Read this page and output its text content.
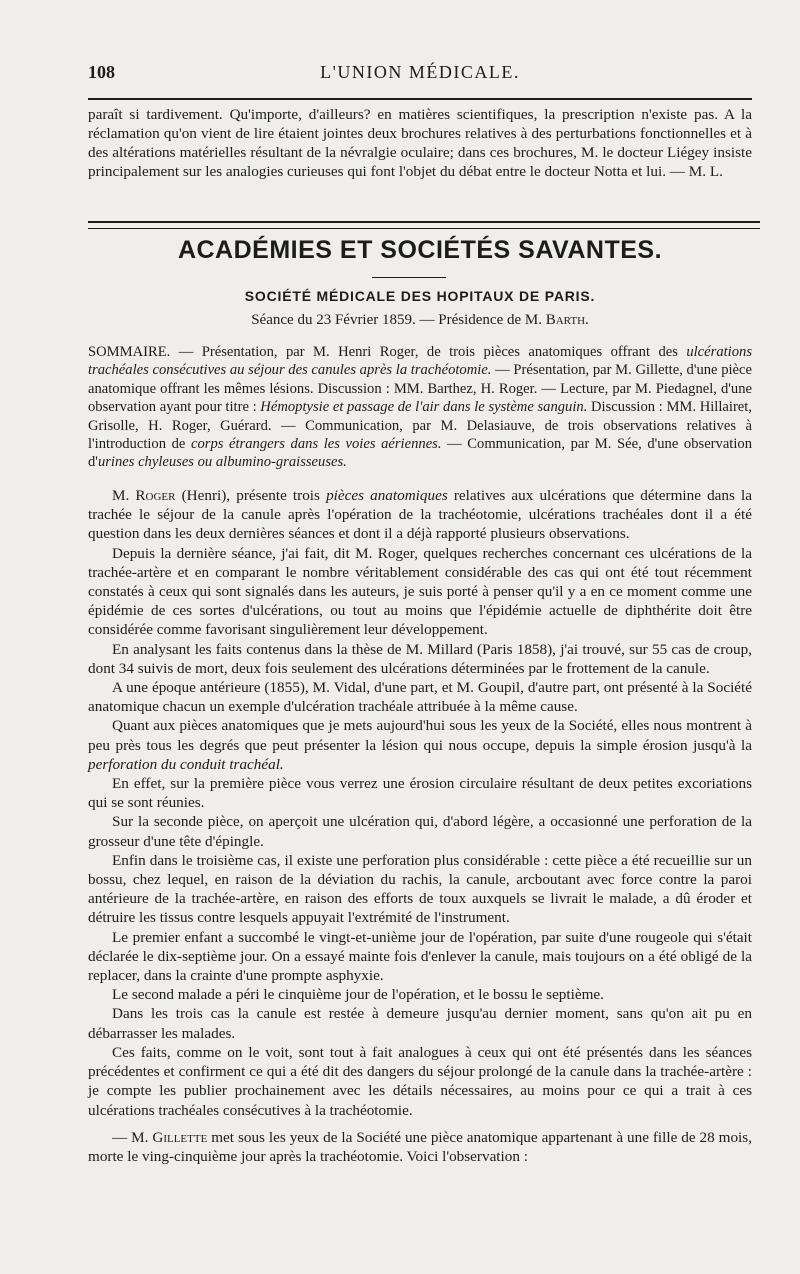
108	L'UNION MÉDICALE.

paraît si tardivement. Qu'importe, d'ailleurs? en matières scientifiques, la prescription n'existe pas. A la réclamation qu'on vient de lire étaient jointes deux brochures relatives à des perturbations fonctionnelles et à des altérations matérielles résultant de la névralgie oculaire; dans ces brochures, M. le docteur Liégey insiste principalement sur les analogies curieuses qui font l'objet du débat entre le docteur Notta et lui. — M. L.

ACADÉMIES ET SOCIÉTÉS SAVANTES.
SOCIÉTÉ MÉDICALE DES HOPITAUX DE PARIS.
Séance du 23 Février 1859. — Présidence de M. Barth.

SOMMAIRE. — Présentation, par M. Henri Roger, de trois pièces anatomiques offrant des ulcérations trachéales consécutives au séjour des canules après la trachéotomie. — Présentation, par M. Gillette, d'une pièce anatomique offrant les mêmes lésions. Discussion : MM. Barthez, H. Roger. — Lecture, par M. Piedagnel, d'une observation ayant pour titre : Hémoptysie et passage de l'air dans le système sanguin. Discussion : MM. Hillairet, Grisolle, H. Roger, Guérard. — Communication, par M. Delasiauve, de trois observations relatives à l'introduction de corps étrangers dans les voies aériennes. — Communication, par M. Sée, d'une observation d'urines chyleuses ou albumino-graisseuses.

M. Roger (Henri), présente trois pièces anatomiques relatives aux ulcérations que détermine dans la trachée le séjour de la canule après l'opération de la trachéotomie, ulcérations trachéales dont il a été question dans les deux dernières séances et dont il a déjà rapporté plusieurs observations.

Depuis la dernière séance, j'ai fait, dit M. Roger, quelques recherches concernant ces ulcérations de la trachée-artère et en comparant le nombre véritablement considérable des cas qui ont été tout récemment constatés à ceux qui sont signalés dans les auteurs, je suis porté à penser qu'il y a en ce moment comme une épidémie de ces sortes d'ulcérations, ou tout au moins que l'épidémie actuelle de diphthérite doit être considérée comme favorisant singulièrement leur développement.

En analysant les faits contenus dans la thèse de M. Millard (Paris 1858), j'ai trouvé, sur 55 cas de croup, dont 34 suivis de mort, deux fois seulement des ulcérations déterminées par le frottement de la canule.

A une époque antérieure (1855), M. Vidal, d'une part, et M. Goupil, d'autre part, ont présenté à la Société anatomique chacun un exemple d'ulcération trachéale attribuée à la même cause.

Quant aux pièces anatomiques que je mets aujourd'hui sous les yeux de la Société, elles nous montrent à peu près tous les degrés que peut présenter la lésion qui nous occupe, depuis la simple érosion jusqu'à la perforation du conduit trachéal.

En effet, sur la première pièce vous verrez une érosion circulaire résultant de deux petites excoriations qui se sont réunies.

Sur la seconde pièce, on aperçoit une ulcération qui, d'abord légère, a occasionné une perforation de la grosseur d'une tête d'épingle.

Enfin dans le troisième cas, il existe une perforation plus considérable : cette pièce a été recueillie sur un bossu, chez lequel, en raison de la déviation du rachis, la canule, arcboutant avec force contre la paroi antérieure de la trachée-artère, en raison des efforts de toux auxquels se livrait le malade, a dû éroder et détruire les tissus contre lesquels appuyait l'extrémité de l'instrument.

Le premier enfant a succombé le vingt-et-unième jour de l'opération, par suite d'une rougeole qui s'était déclarée le dix-septième jour. On a essayé mainte fois d'enlever la canule, mais toujours on a été obligé de la replacer, dans la crainte d'une prompte asphyxie.

Le second malade a péri le cinquième jour de l'opération, et le bossu le septième.

Dans les trois cas la canule est restée à demeure jusqu'au dernier moment, sans qu'on ait pu en débarrasser les malades.

Ces faits, comme on le voit, sont tout à fait analogues à ceux qui ont été présentés dans les séances précédentes et confirment ce qui a été dit des dangers du séjour prolongé de la canule dans la trachée-artère : je compte les publier prochainement avec les détails nécessaires, au moins pour ce qui a trait à ces ulcérations trachéales consécutives à la trachéotomie.

— M. Gillette met sous les yeux de la Société une pièce anatomique appartenant à une fille de 28 mois, morte le ving-cinquième jour après la trachéotomie. Voici l'observation :
